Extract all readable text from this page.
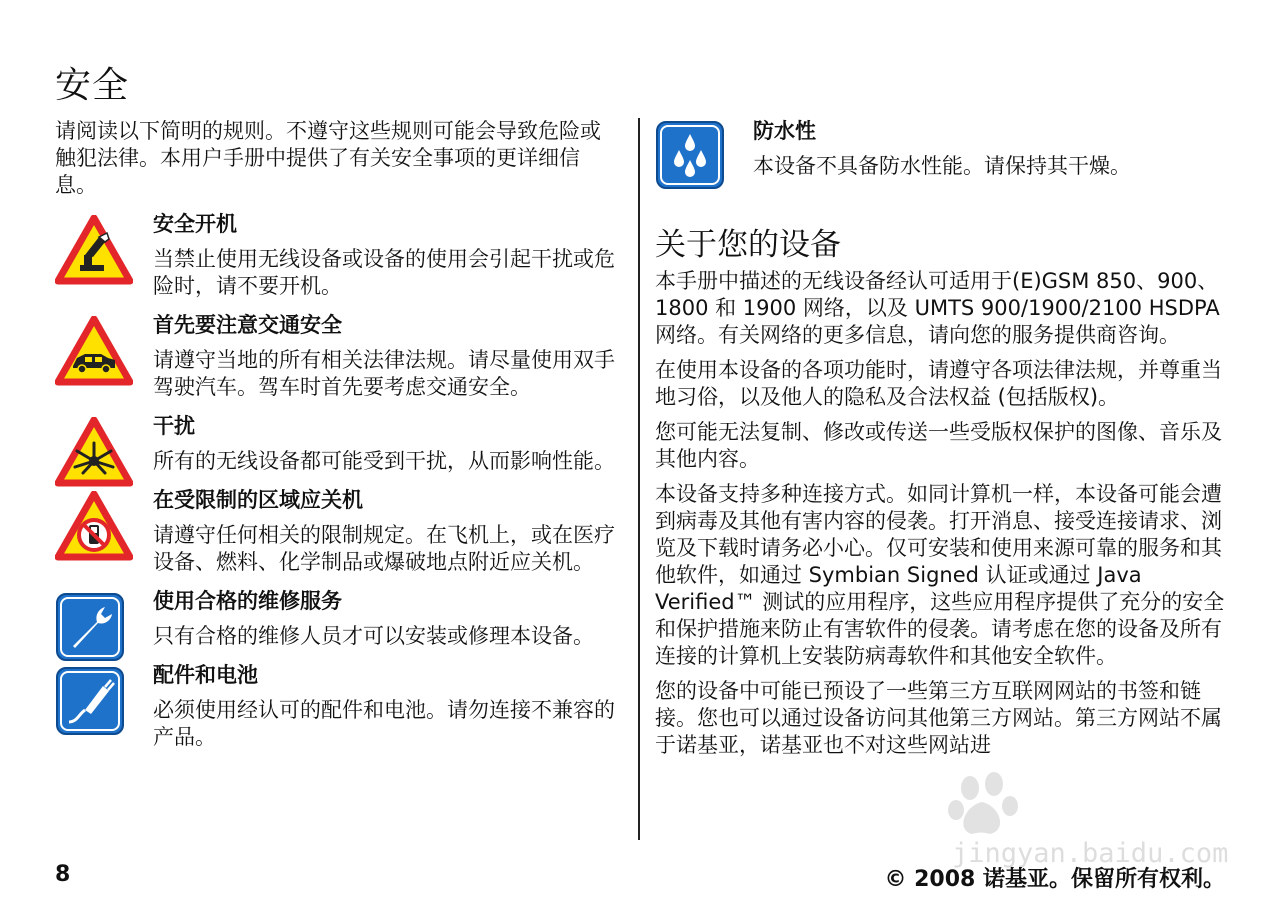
安全

请阅读以下简明的规则。不遵守这些规则可能会导致危险或触犯法律。本用户手册中提供了有关安全事项的更详细信息。

安全开机

当禁止使用无线设备或设备的使用会引起干扰或危险时，请不要开机。

首先要注意交通安全

请遵守当地的所有相关法律法规。请尽量使用双手驾驶汽车。驾车时首先要考虑交通安全。

干扰

所有的无线设备都可能受到干扰，从而影响性能。

在受限制的区域应关机

请遵守任何相关的限制规定。在飞机上，或在医疗设备、燃料、化学制品或爆破地点附近应关机。

使用合格的维修服务

只有合格的维修人员才可以安装或修理本设备。

配件和电池

必须使用经认可的配件和电池。请勿连接不兼容的产品。

防水性

本设备不具备防水性能。请保持其干燥。

关于您的设备

本手册中描述的无线设备经认可适用于(E)GSM 850、900、1800 和 1900 网络，以及 UMTS 900/1900/2100 HSDPA 网络。有关网络的更多信息，请向您的服务提供商咨询。

在使用本设备的各项功能时，请遵守各项法律法规，并尊重当地习俗，以及他人的隐私及合法权益 (包括版权)。

您可能无法复制、修改或传送一些受版权保护的图像、音乐及其他内容。

本设备支持多种连接方式。如同计算机一样，本设备可能会遭到病毒及其他有害内容的侵袭。打开消息、接受连接请求、浏览及下载时请务必小心。仅可安装和使用来源可靠的服务和其他软件，如通过 Symbian Signed 认证或通过 Java Verified™ 测试的应用程序，这些应用程序提供了充分的安全和保护措施来防止有害软件的侵袭。请考虑在您的设备及所有连接的计算机上安装防病毒软件和其他安全软件。

您的设备中可能已预设了一些第三方互联网网站的书签和链接。您也可以通过设备访问其他第三方网站。第三方网站不属于诺基亚，诺基亚也不对这些网站进

jingyan.baidu.com
8	© 2008 诺基亚。保留所有权利。
